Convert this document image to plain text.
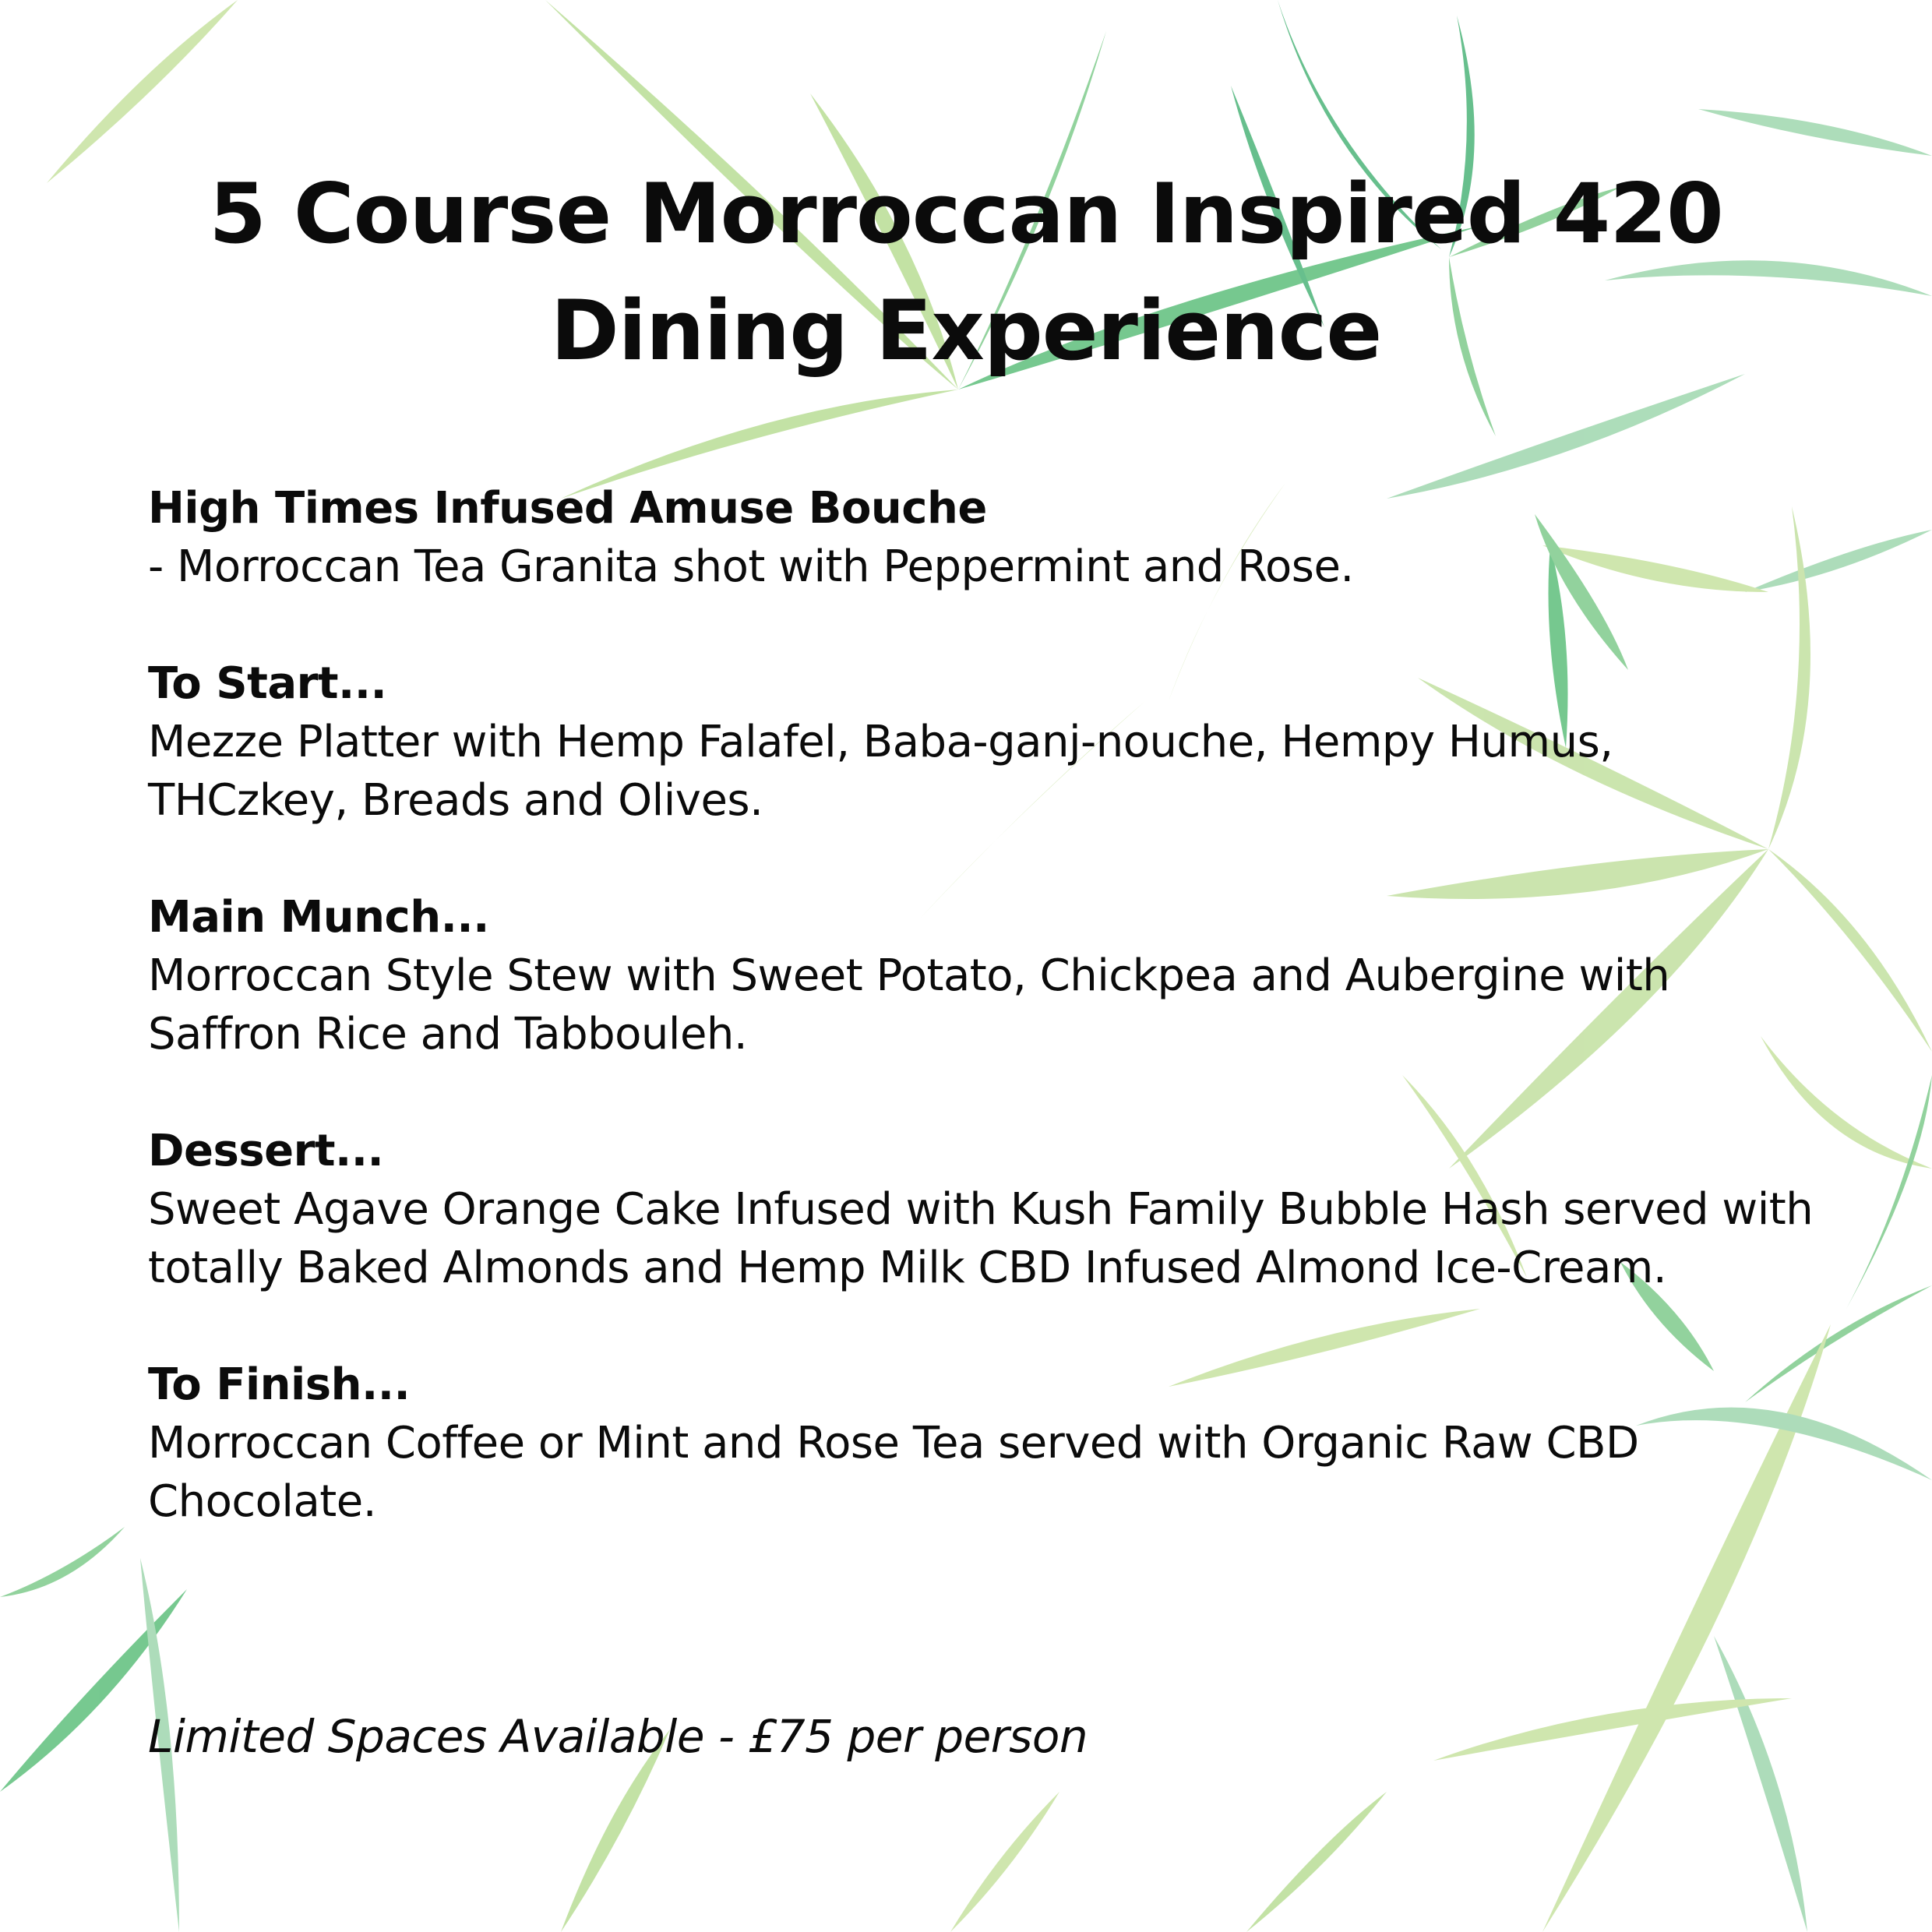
5 Course Morroccan Inspired 420
Dining Experience
High Times Infused Amuse Bouche
- Morroccan Tea Granita shot with Peppermint and Rose.
To Start...
Mezze Platter with Hemp Falafel, Baba-ganj-nouche, Hempy Humus, THCzkey, Breads and Olives.
Main Munch...
Morroccan Style Stew with Sweet Potato, Chickpea and Aubergine with Saffron Rice and Tabbouleh.
Dessert...
Sweet Agave Orange Cake Infused with Kush Family Bubble Hash served with totally Baked Almonds and Hemp Milk CBD Infused Almond Ice-Cream.
To Finish...
Morroccan Coffee or Mint and Rose Tea served with Organic Raw CBD Chocolate.

Limited Spaces Available - £75 per person
